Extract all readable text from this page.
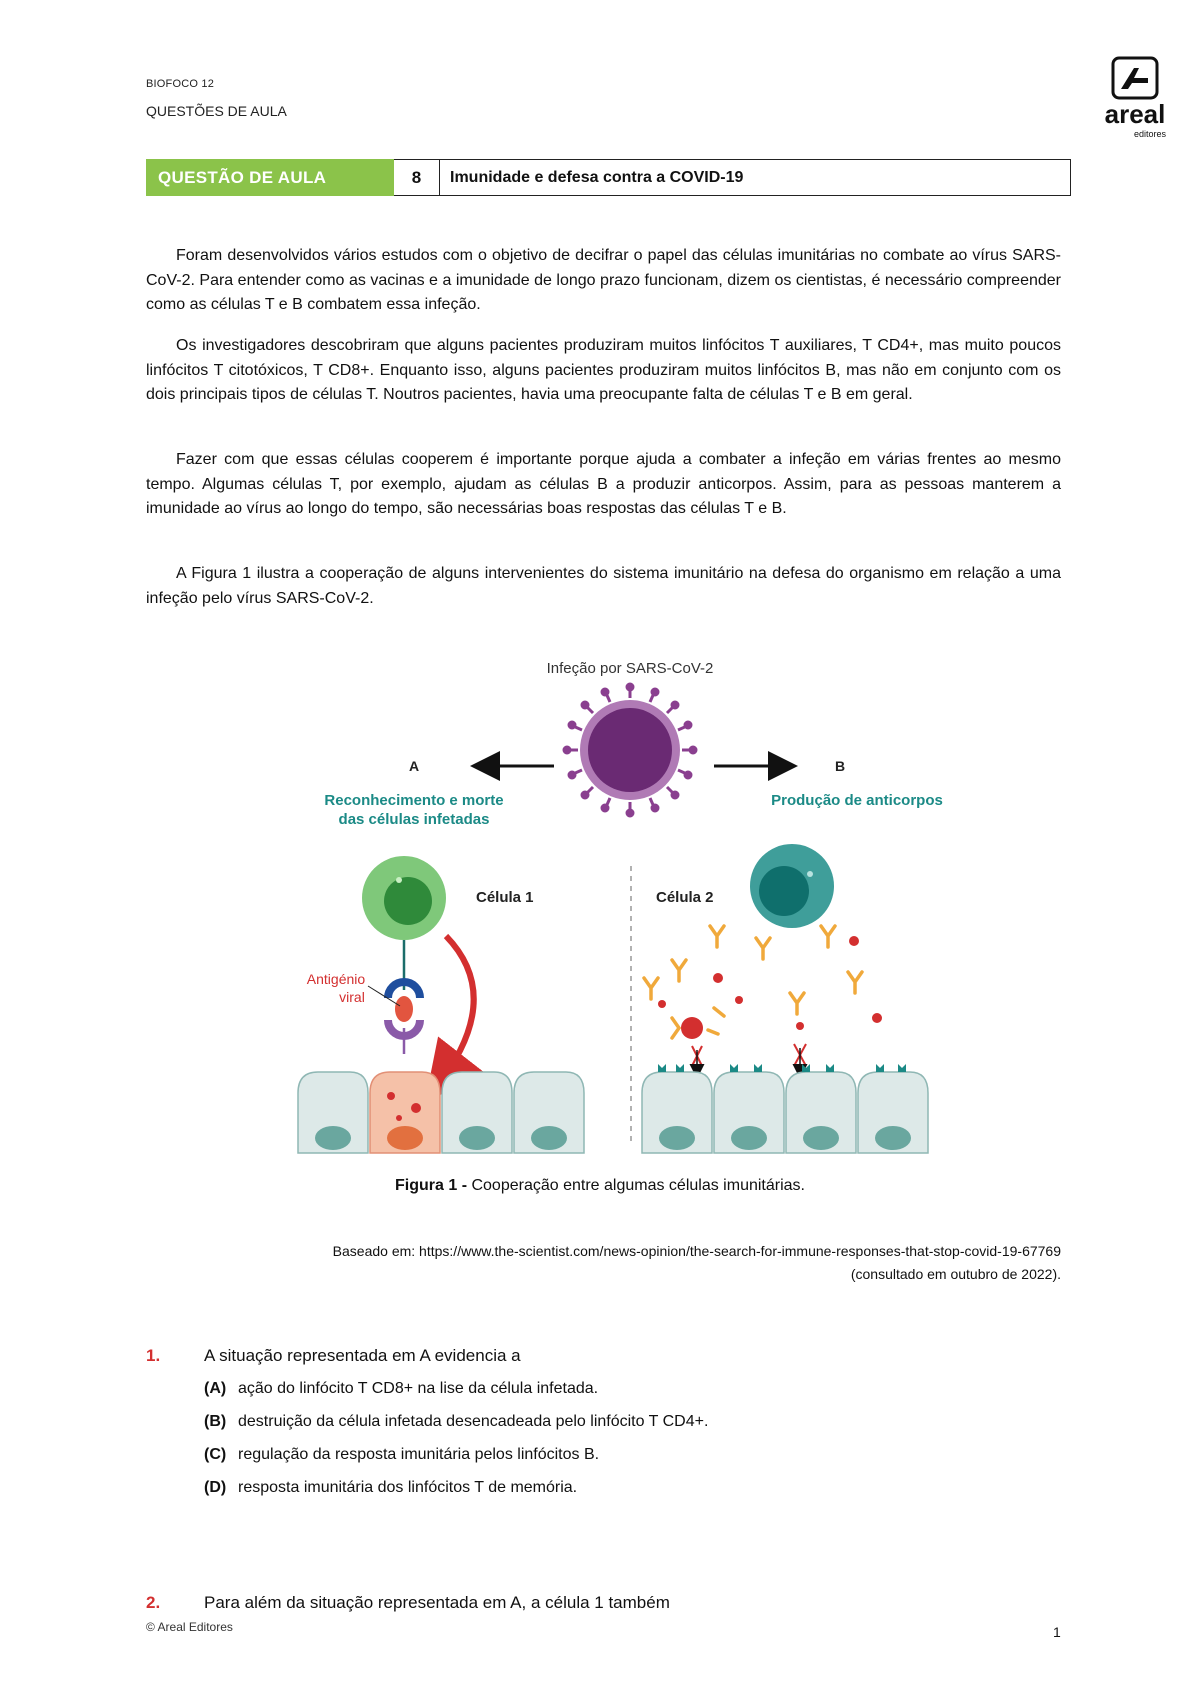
BIOFOCO 12
QUESTÕES DE AULA	areal
editores
QUESTÃO DE AULA	8	Imunidade e defesa contra a COVID-19

Foram desenvolvidos vários estudos com o objetivo de decifrar o papel das células imunitárias no combate ao vírus SARS-CoV-2. Para entender como as vacinas e a imunidade de longo prazo funcionam, dizem os cientistas, é necessário compreender como as células T e B combatem essa infeção.

Os investigadores descobriram que alguns pacientes produziram muitos linfócitos T auxiliares, T CD4+, mas muito poucos linfócitos T citotóxicos, T CD8+. Enquanto isso, alguns pacientes produziram muitos linfócitos B, mas não em conjunto com os dois principais tipos de células T. Noutros pacientes, havia uma preocupante falta de células T e B em geral.

Fazer com que essas células cooperem é importante porque ajuda a combater a infeção em várias frentes ao mesmo tempo. Algumas células T, por exemplo, ajudam as células B a produzir anticorpos. Assim, para as pessoas manterem a imunidade ao vírus ao longo do tempo, são necessárias boas respostas das células T e B.

A Figura 1 ilustra a cooperação de alguns intervenientes do sistema imunitário na defesa do organismo em relação a uma infeção pelo vírus SARS-CoV-2.

Infeção por SARS-CoV-2
A	B
Reconhecimento e morte
das células infetadas
Produção de anticorpos
Célula 1
Antigénio
viral
Célula 2
Figura 1 - Cooperação entre algumas células imunitárias.
Baseado em: https://www.the-scientist.com/news-opinion/the-search-for-immune-responses-that-stop-covid-19-67769
(consultado em outubro de 2022).
1.	A situação representada em A evidencia a
(A) ação do linfócito T CD8+ na lise da célula infetada.
(B) destruição da célula infetada desencadeada pelo linfócito T CD4+.
(C) regulação da resposta imunitária pelos linfócitos B.
(D) resposta imunitária dos linfócitos T de memória.
2.	Para além da situação representada em A, a célula 1 também
© Areal Editores	1
